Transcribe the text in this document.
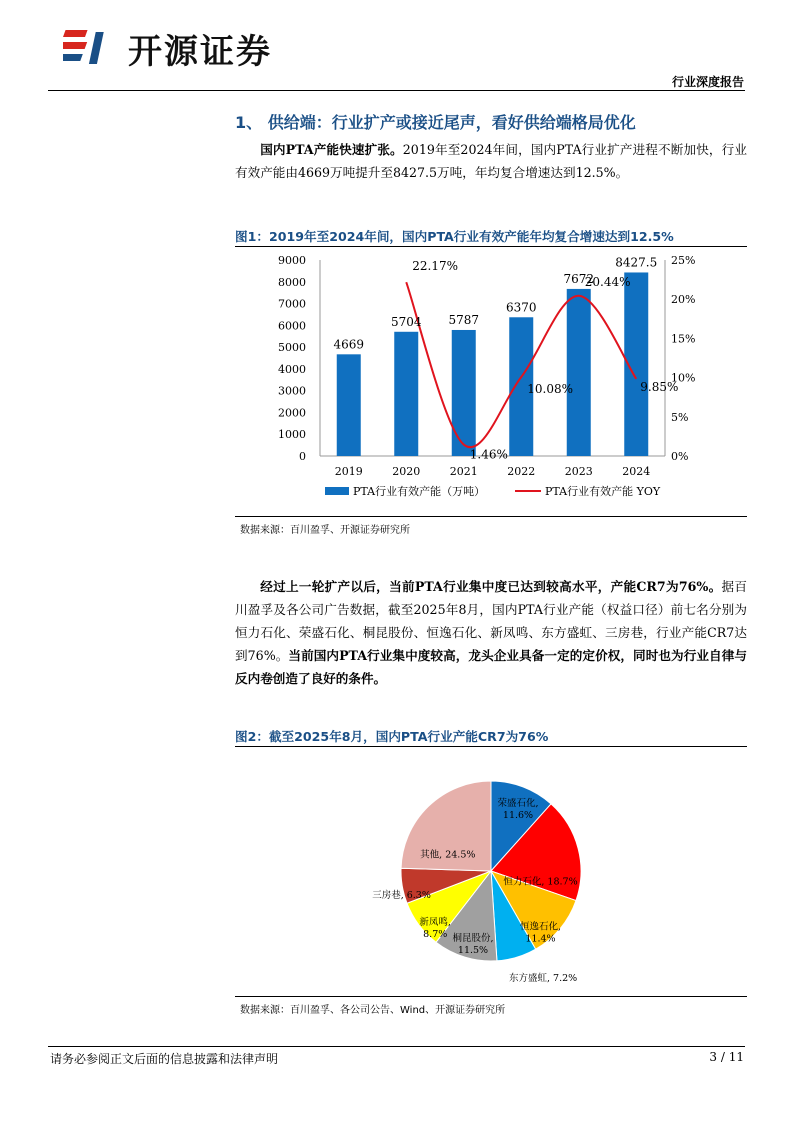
开源证券
行业深度报告
1、 供给端：行业扩产或接近尾声，看好供给端格局优化
国内PTA产能快速扩张。2019年至2024年间，国内PTA行业扩产进程不断加快，行业有效产能由4669万吨提升至8427.5万吨，年均复合增速达到12.5%。
图1：2019年至2024年间，国内PTA行业有效产能年均复合增速达到12.5%
0
1000
2000
3000
4000
5000
6000
7000
8000
9000
0%
5%
10%
15%
20%
25%
4669
5704 5787
6370
7672
8427.5
22.17%
1.46%
10.08%
20.44%
9.85%
2019	2020	2021	2022	2023	2024
PTA行业有效产能（万吨）	PTA行业有效产能 YOY
数据来源：百川盈孚、开源证券研究所
经过上一轮扩产以后，当前PTA行业集中度已达到较高水平，产能CR7为76%。据百川盈孚及各公司广告数据，截至2025年8月，国内PTA行业产能（权益口径）前七名分别为恒力石化、荣盛石化、桐昆股份、恒逸石化、新凤鸣、东方盛虹、三房巷，行业产能CR7达到76%。当前国内PTA行业集中度较高，龙头企业具备一定的定价权，同时也为行业自律与反内卷创造了良好的条件。
图2：截至2025年8月，国内PTA行业产能CR7为76%
荣盛石化, 11.6%
恒力石化, 18.7%
恒逸石化, 11.4%
东方盛虹, 7.2%
桐昆股份, 11.5%
新凤鸣, 8.7%
三房巷, 6.3%
其他, 24.5%
数据来源：百川盈孚、各公司公告、Wind、开源证券研究所
请务必参阅正文后面的信息披露和法律声明	3 / 11
